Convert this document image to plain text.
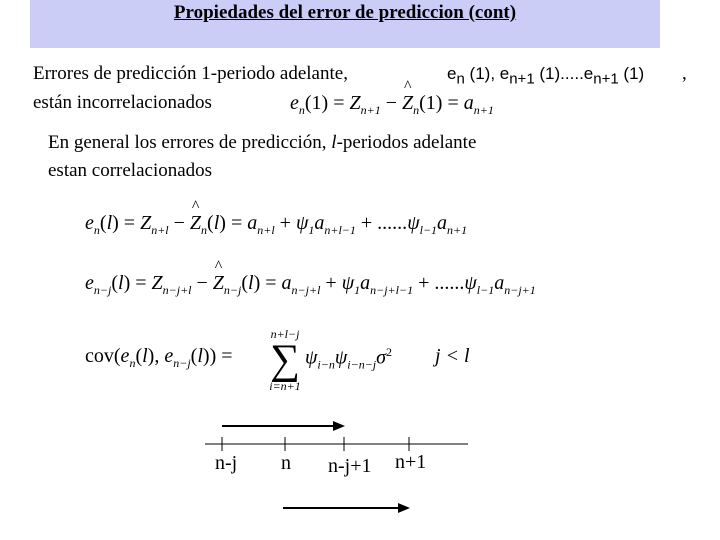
Propiedades del error de prediccion (cont)
Errores de predicción 1-periodo adelante,
están incorrelacionados
$e_n$ (1), $e_{n+1}$ $(1).....e_{n+1}$ (1) ,
$e_n(1) = Z_{n+1}$ − ^ $Z_n(1) = a_{n+1}$
En general los errores de predicción, l-periodos adelante
estan correlacionados
$e_n(l) = Z_{n+l}$ − ^ $Z_n(l) = a_{n+l} + \psi_1a_{n+l-1} + ......\psi_{l-1}a_{n+1}$
$e_{n-j}(l) = Z_{n-j+l}$ − ^ $Z_{n-j}(l) = a_{n-j+l} + \psi_1a_{n-j+l-1} + ......\psi_{l-1}a_{n-j+1}$
$cov(e_n(l)$, $e_{n-j}(l)$) =
n+l−j
∑
i=n+1
$\psi_{i-n}\psi_{i-n-j}\sigma^2$ j < l
n-j n n-j+1 n+1
